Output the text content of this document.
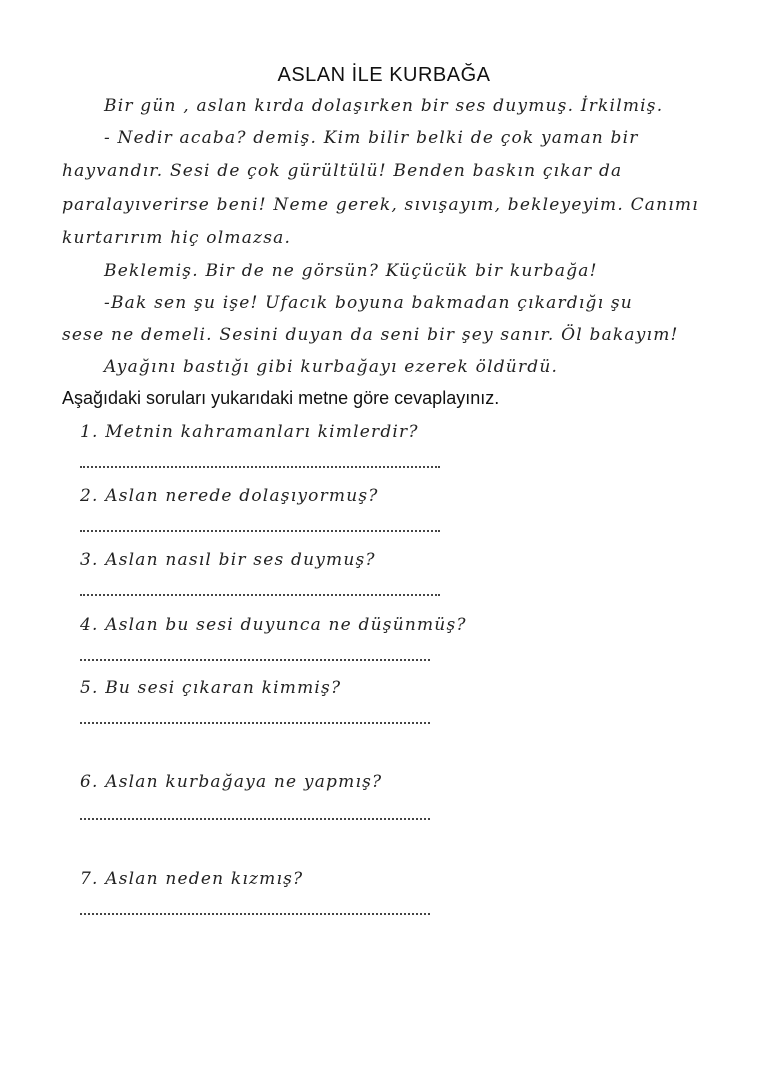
ASLAN İLE KURBAĞA
Bir gün , aslan kırda dolaşırken bir ses duymuş. İrkilmiş.
- Nedir acaba? demiş. Kim bilir belki de çok yaman bir
hayvandır. Sesi de çok gürültülü! Benden baskın çıkar da
paralayıverirse beni! Neme gerek, sıvışayım, bekleyeyim. Canımı
kurtarırım hiç olmazsa.
Beklemiş. Bir de ne görsün? Küçücük bir kurbağa!
-Bak sen şu işe! Ufacık boyuna bakmadan çıkardığı şu
sese ne demeli. Sesini duyan da seni bir şey sanır. Öl bakayım!
Ayağını bastığı gibi kurbağayı ezerek öldürdü.
Aşağıdaki soruları yukarıdaki metne göre cevaplayınız.
1. Metnin kahramanları kimlerdir?
2. Aslan nerede dolaşıyormuş?
3. Aslan nasıl bir ses duymuş?
4. Aslan bu sesi duyunca ne düşünmüş?
5. Bu sesi çıkaran kimmiş?
6. Aslan kurbağaya ne yapmış?
7. Aslan neden kızmış?
